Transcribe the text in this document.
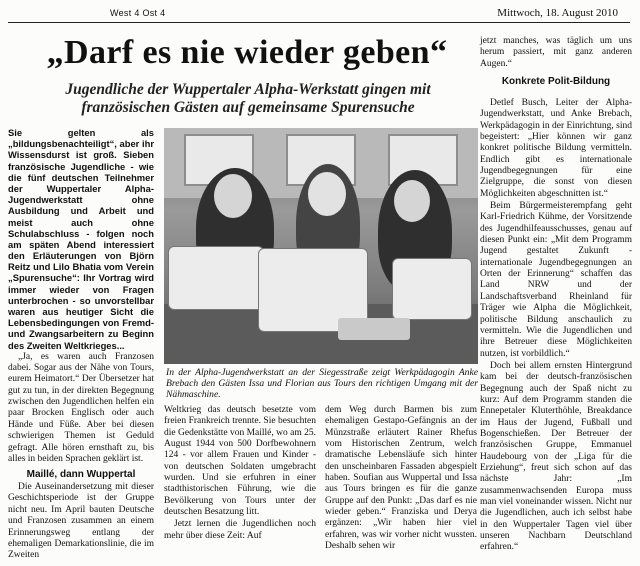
West 4 Ost 4	Mittwoch, 18. August 2010
„Darf es nie wieder geben“
Jugendliche der Wuppertaler Alpha-Werkstatt gingen mit französischen Gästen auf gemeinsame Spurensuche

Sie gelten als „bildungsbenachteiligt“, aber ihr Wissensdurst ist groß. Sieben französische Jugendliche - wie die fünf deutschen Teilnehmer der Wuppertaler Alpha-Jugendwerkstatt ohne Ausbildung und Arbeit und meist auch ohne Schulabschluss - folgen noch am späten Abend interessiert den Erläuterungen von Björn Reitz und Lilo Bhatia vom Verein „Spurensuche“: Ihr Vortrag wird immer wieder von Fragen unterbrochen - so unvorstellbar waren aus heutiger Sicht die Lebensbedingungen von Fremd- und Zwangsarbeitern zu Beginn des Zweiten Weltkrieges...

„Ja, es waren auch Franzosen dabei. Sogar aus der Nähe von Tours, eurem Heimatort.“ Der Übersetzer hat gut zu tun, in der direkten Begegnung zwischen den Jugendlichen helfen ein paar Brocken Englisch oder auch Hände und Füße. Aber bei diesen schwierigen Themen ist Geduld gefragt. Alle hören ernsthaft zu, bis alles in beiden Sprachen geklärt ist.

Maillé, dann Wuppertal

Die Auseinandersetzung mit dieser Geschichtsperiode ist der Gruppe nicht neu. Im April bauten Deutsche und Franzosen zusammen an einem Erinnerungsweg entlang der ehemaligen Demarkationslinie, die im Zweiten

In der Alpha-Jugendwerkstatt an der Siegesstraße zeigt Werkpädagogin Anke Brebach den Gästen Issa und Florian aus Tours den richtigen Umgang mit der Nähmaschine.

Weltkrieg das deutsch besetzte vom freien Frankreich trennte. Sie besuchten die Gedenkstätte von Maillé, wo am 25. August 1944 von 500 Dorfbewohnern 124 - vor allem Frauen und Kinder - von deutschen Soldaten umgebracht wurden. Und sie erfuhren in einer stadthistorischen Führung, wie die Bevölkerung von Tours unter der deutschen Besatzung litt.

Jetzt lernen die Jugendlichen noch mehr über diese Zeit: Auf

dem Weg durch Barmen bis zum ehemaligen Gestapo-Gefängnis an der Münzstraße erläutert Rainer Rhefus vom Historischen Zentrum, welch dramatische Lebensläufe sich hinter den unscheinbaren Fassaden abgespielt haben. Soufian aus Wuppertal und Issa aus Tours bringen es für die ganze Gruppe auf den Punkt: „Das darf es nie wieder geben.“ Franziska und Derya ergänzen: „Wir haben hier viel erfahren, was wir vorher nicht wussten. Deshalb sehen wir

jetzt manches, was täglich um uns herum passiert, mit ganz anderen Augen.“

Konkrete Polit-Bildung

Detlef Busch, Leiter der Alpha-Jugendwerkstatt, und Anke Brebach, Werkpädagogin in der Einrichtung, sind begeistert: „Hier können wir ganz konkret politische Bildung vermitteln. Endlich gibt es internationale Jugendbegegnungen für eine Zielgruppe, die sonst von diesen Möglichkeiten abgeschnitten ist.“

Beim Bürgermeisterempfang geht Karl-Friedrich Kühme, der Vorsitzende des Jugendhilfeausschusses, genau auf diesen Punkt ein: „Mit dem Programm Jugend gestaltet Zukunft - internationale Jugendbegegnungen an Orten der Erinnerung“ schaffen das Land NRW und der Landschaftsverband Rheinland für Träger wie Alpha die Möglichkeit, politische Bildung anschaulich zu vermitteln. Wie die Jugendlichen und ihre Betreuer diese Möglichkeiten nutzen, ist vorbildlich.“

Doch bei allem ernsten Hintergrund kam bei der deutsch-französischen Begegnung auch der Spaß nicht zu kurz: Auf dem Programm standen die Ennepetaler Kluterthöhle, Breakdance im Haus der Jugend, Fußball und Bogenschießen. Der Betreuer der französischen Gruppe, Emmanuel Haudebourg von der „Liga für die Erziehung“, freut sich schon auf das nächste Jahr: „Im zusammenwachsenden Europa muss man viel voneinander wissen. Nicht nur die Jugendlichen, auch ich selbst habe in den Wuppertaler Tagen viel über unseren Nachbarn Deutschland erfahren.“
